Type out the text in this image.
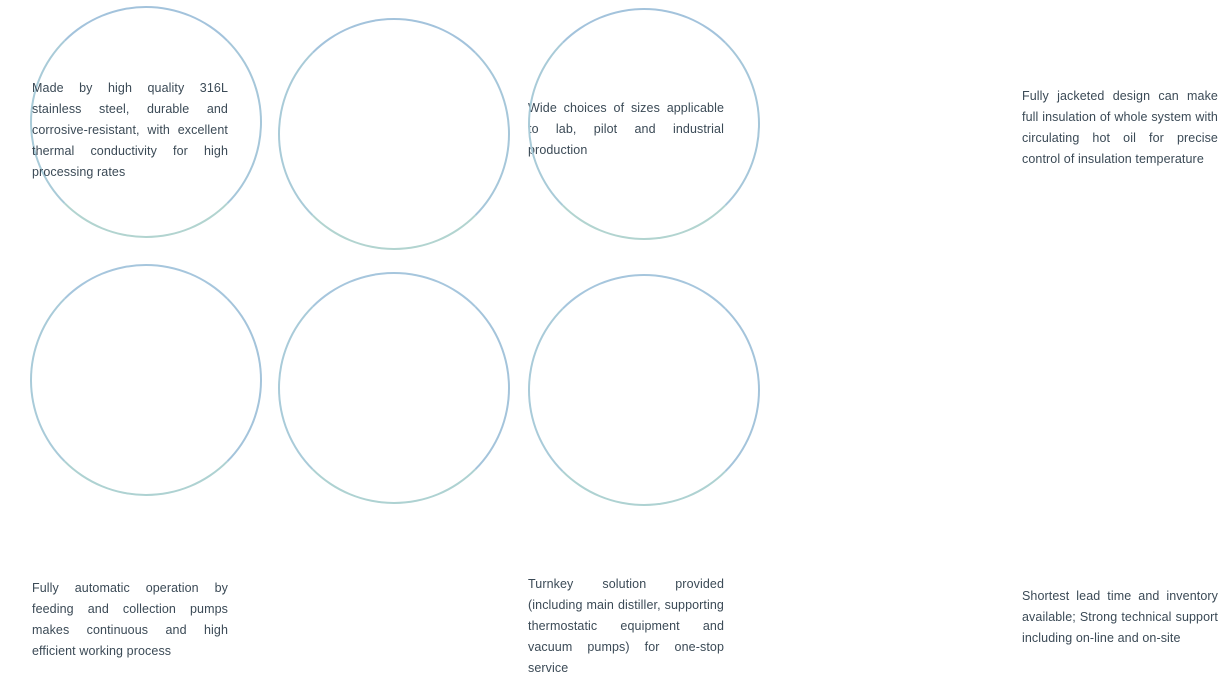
Made by high quality 316L stainless steel, durable and corrosive-resistant, with excellent thermal conductivity for high processing rates
Wide choices of sizes applicable to lab, pilot and industrial production
Fully jacketed design can make full insulation of whole system with circulating hot oil for precise control of insulation temperature
Fully automatic operation by feeding and collection pumps makes continuous and high efficient working process
Turnkey solution provided (including main distiller, supporting thermostatic equipment and vacuum pumps) for one-stop service
Shortest lead time and inventory available; Strong technical support including on-line and on-site
